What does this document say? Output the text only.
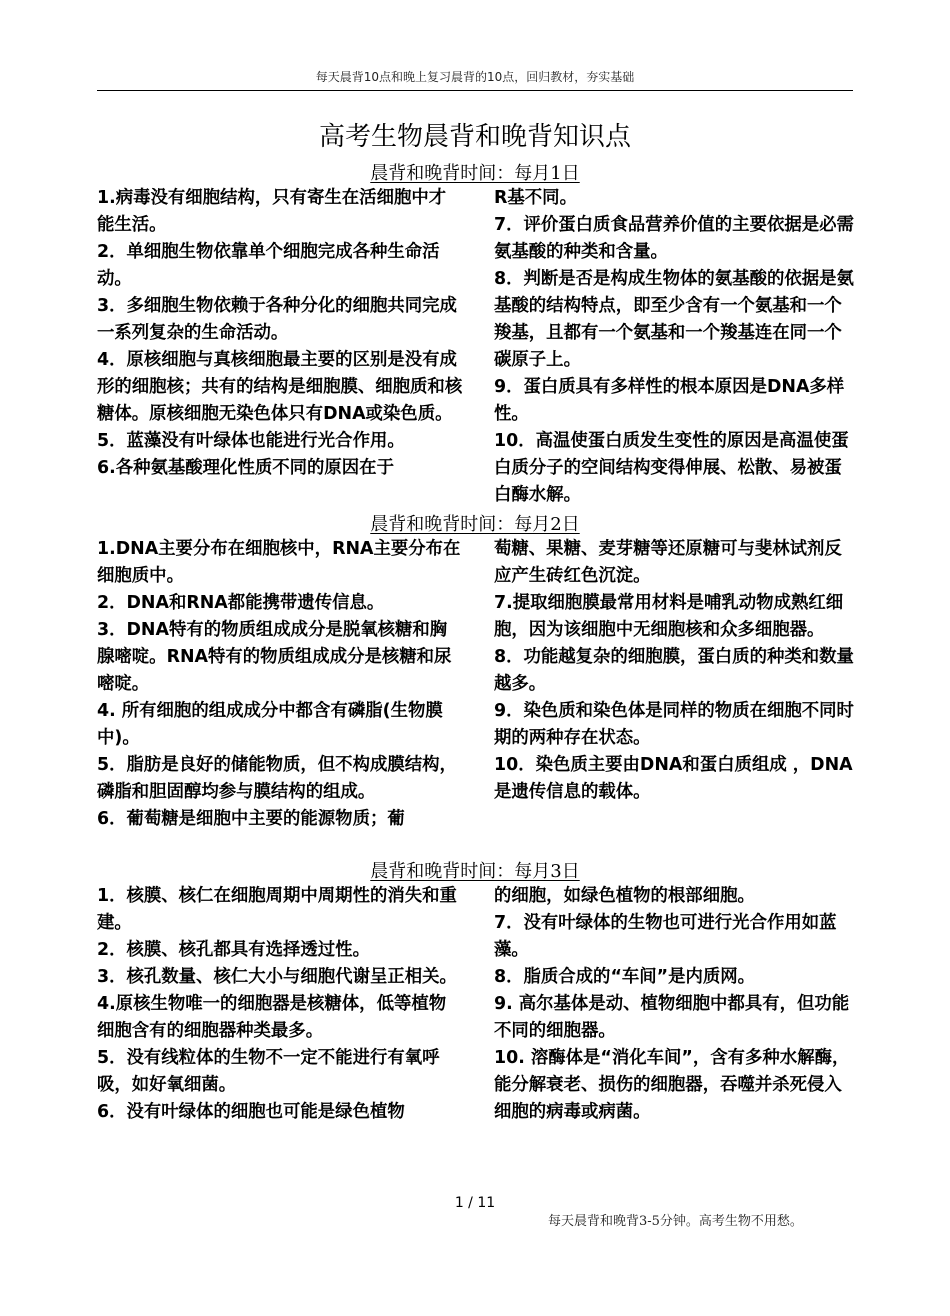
每天晨背10点和晚上复习晨背的10点，回归教材，夯实基础
高考生物晨背和晚背知识点
晨背和晚背时间：每月1日

1.病毒没有细胞结构，只有寄生在活细胞中才能生活。

2．单细胞生物依靠单个细胞完成各种生命活动。

3．多细胞生物依赖于各种分化的细胞共同完成一系列复杂的生命活动。

4．原核细胞与真核细胞最主要的区别是没有成形的细胞核；共有的结构是细胞膜、细胞质和核糖体。原核细胞无染色体只有DNA或染色质。

5．蓝藻没有叶绿体也能进行光合作用。

6.各种氨基酸理化性质不同的原因在于

R基不同。

7．评价蛋白质食品营养价值的主要依据是必需氨基酸的种类和含量。

8．判断是否是构成生物体的氨基酸的依据是氨基酸的结构特点，即至少含有一个氨基和一个羧基，且都有一个氨基和一个羧基连在同一个碳原子上。

9．蛋白质具有多样性的根本原因是DNA多样性。

10．高温使蛋白质发生变性的原因是高温使蛋白质分子的空间结构变得伸展、松散、易被蛋白酶水解。

晨背和晚背时间：每月2日

1.DNA主要分布在细胞核中，RNA主要分布在细胞质中。

2．DNA和RNA都能携带遗传信息。

3．DNA特有的物质组成成分是脱氧核糖和胸腺嘧啶。RNA特有的物质组成成分是核糖和尿嘧啶。

4. 所有细胞的组成成分中都含有磷脂(生物膜中)。

5．脂肪是良好的储能物质，但不构成膜结构，磷脂和胆固醇均参与膜结构的组成。

6．葡萄糖是细胞中主要的能源物质；葡

萄糖、果糖、麦芽糖等还原糖可与斐林试剂反应产生砖红色沉淀。

7.提取细胞膜最常用材料是哺乳动物成熟红细胞，因为该细胞中无细胞核和众多细胞器。

8．功能越复杂的细胞膜，蛋白质的种类和数量越多。

9．染色质和染色体是同样的物质在细胞不同时期的两种存在状态。

10．染色质主要由DNA和蛋白质组成 ，DNA是遗传信息的载体。

晨背和晚背时间：每月3日

1．核膜、核仁在细胞周期中周期性的消失和重建。

2．核膜、核孔都具有选择透过性。

3．核孔数量、核仁大小与细胞代谢呈正相关。

4.原核生物唯一的细胞器是核糖体，低等植物细胞含有的细胞器种类最多。

5．没有线粒体的生物不一定不能进行有氧呼吸，如好氧细菌。

6．没有叶绿体的细胞也可能是绿色植物

的细胞，如绿色植物的根部细胞。

7．没有叶绿体的生物也可进行光合作用如蓝藻。

8．脂质合成的“车间”是内质网。

9. 高尔基体是动、植物细胞中都具有，但功能不同的细胞器。

10. 溶酶体是“消化车间”，含有多种水解酶，能分解衰老、损伤的细胞器，吞噬并杀死侵入细胞的病毒或病菌。

1 / 11
每天晨背和晚背3-5分钟。高考生物不用愁。
